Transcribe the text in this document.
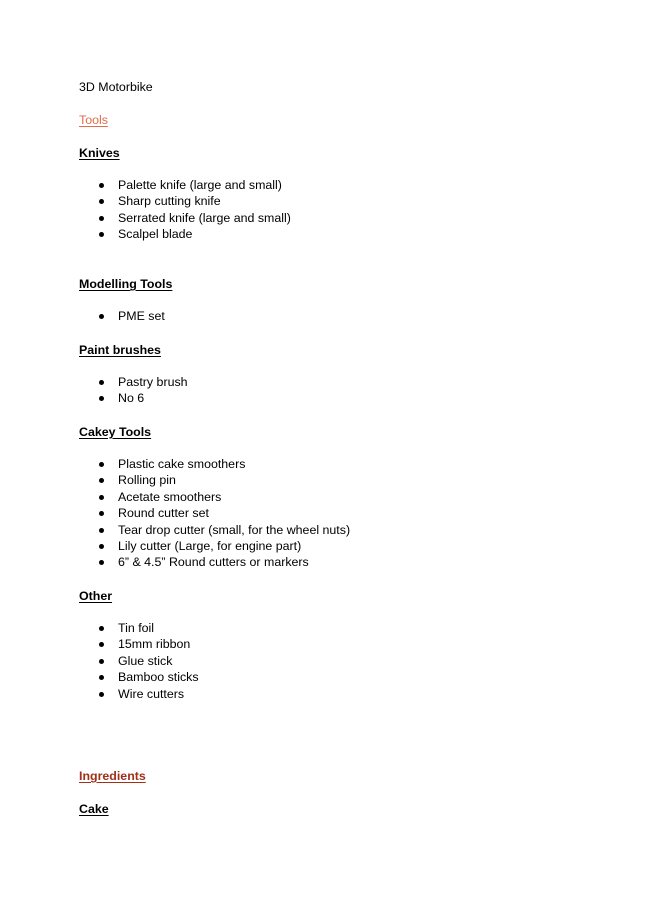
3D Motorbike
Tools
Knives
Palette knife (large and small)
Sharp cutting knife
Serrated knife (large and small)
Scalpel blade
Modelling Tools
PME set
Paint brushes
Pastry brush
No 6
Cakey Tools
Plastic cake smoothers
Rolling pin
Acetate smoothers
Round cutter set
Tear drop cutter (small, for the wheel nuts)
Lily cutter (Large, for engine part)
6” & 4.5” Round cutters or markers
Other
Tin foil
15mm ribbon
Glue stick
Bamboo sticks
Wire cutters
Ingredients
Cake
